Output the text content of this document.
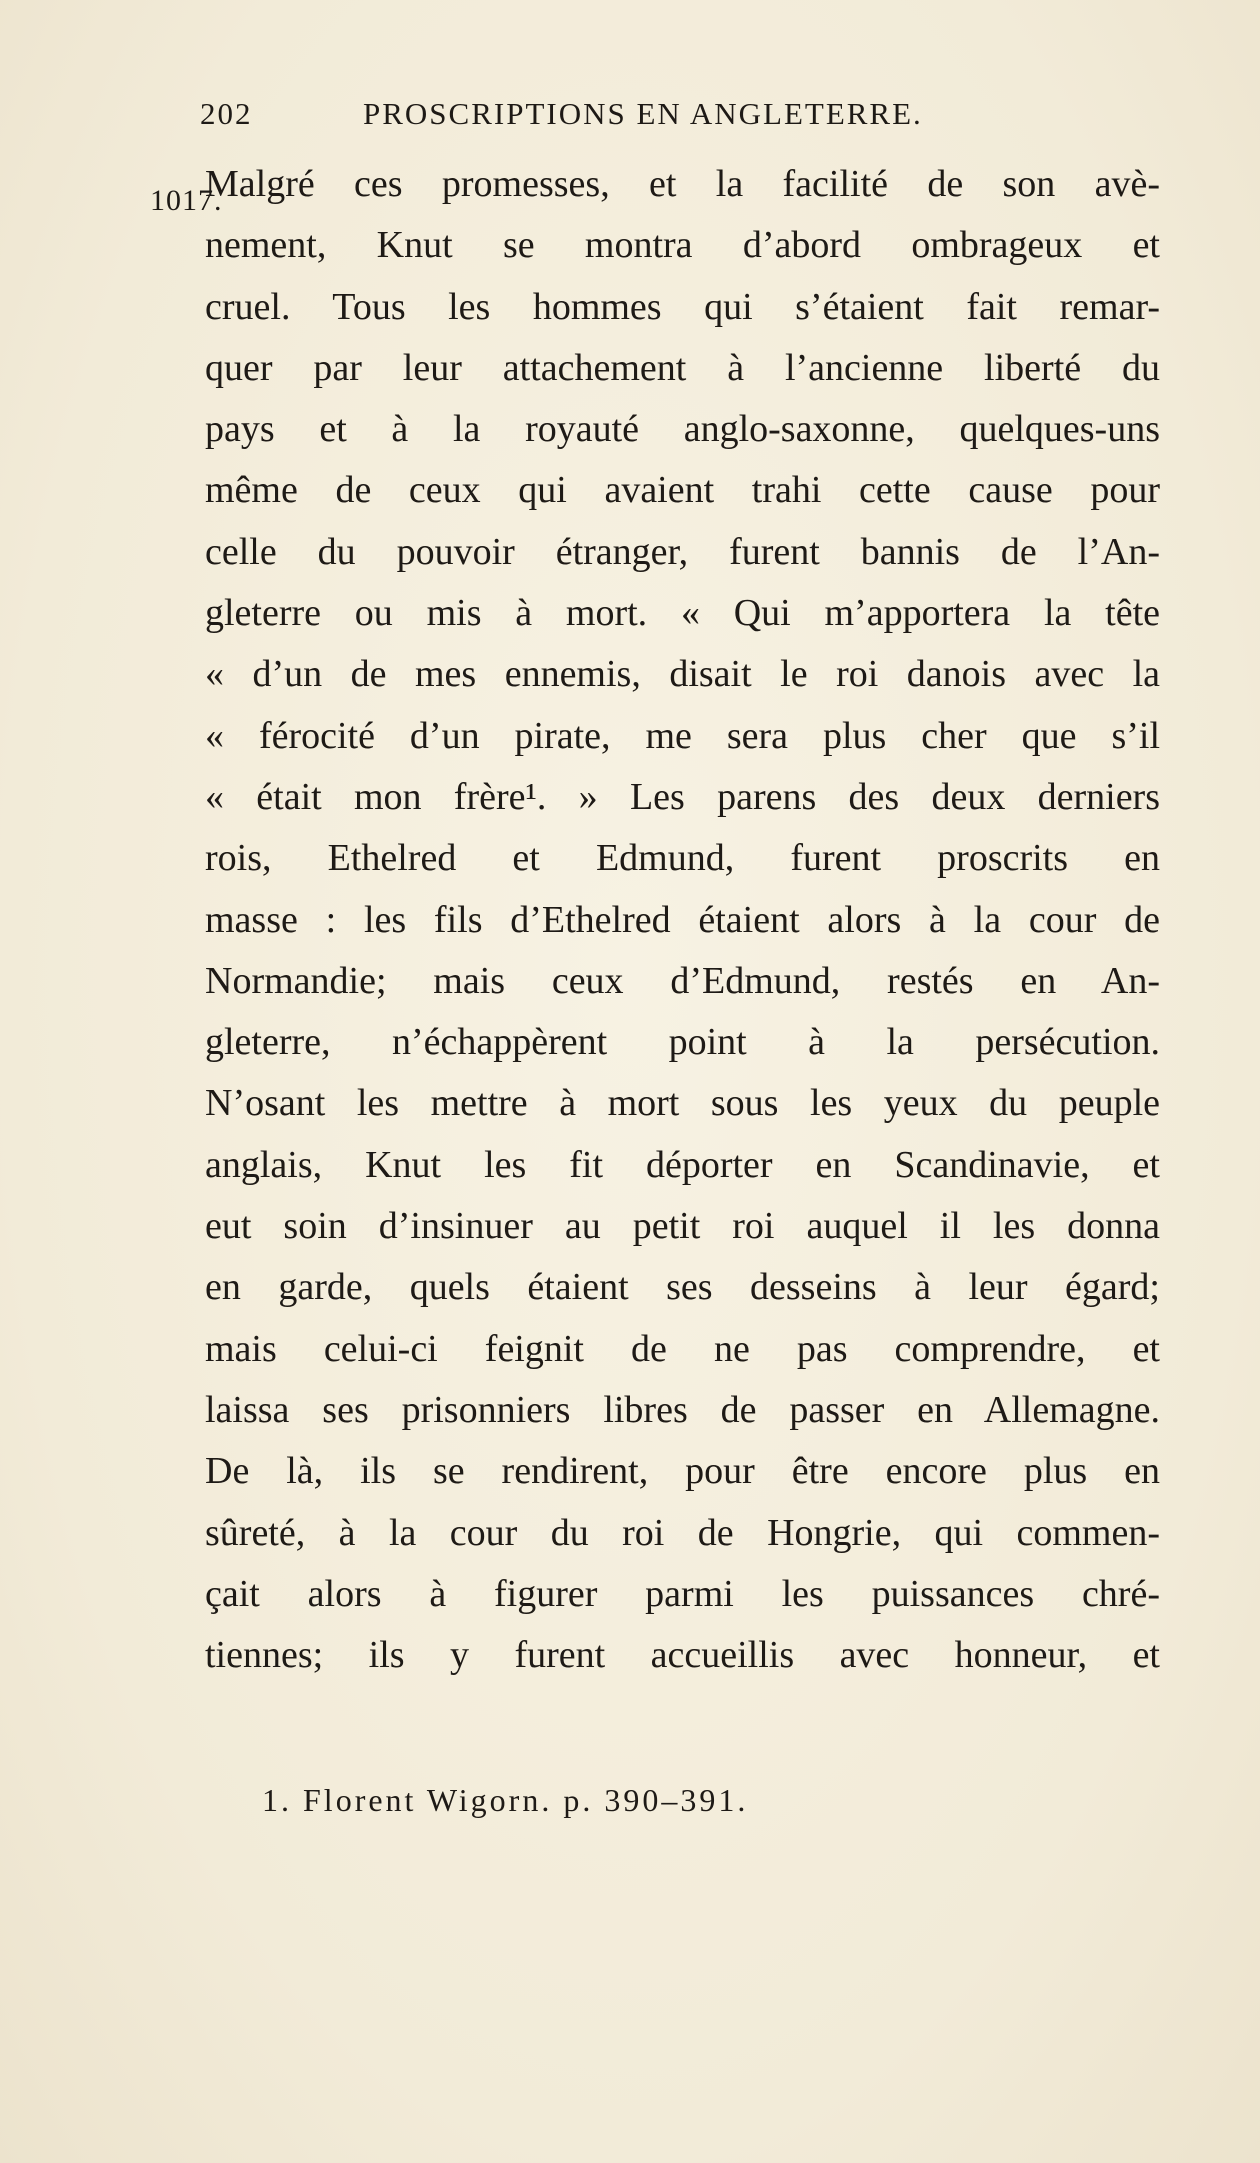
202	PROSCRIPTIONS EN ANGLETERRE.
1017.
Malgré ces promesses, et la facilité de son avè-
nement, Knut se montra d’abord ombrageux et
cruel. Tous les hommes qui s’étaient fait remar-
quer par leur attachement à l’ancienne liberté du
pays et à la royauté anglo-saxonne, quelques-uns
même de ceux qui avaient trahi cette cause pour
celle du pouvoir étranger, furent bannis de l’An-
gleterre ou mis à mort. « Qui m’apportera la tête
« d’un de mes ennemis, disait le roi danois avec la
« férocité d’un pirate, me sera plus cher que s’il
« était mon frère¹. » Les parens des deux derniers
rois, Ethelred et Edmund, furent proscrits en
masse : les fils d’Ethelred étaient alors à la cour de
Normandie; mais ceux d’Edmund, restés en An-
gleterre, n’échappèrent point à la persécution.
N’osant les mettre à mort sous les yeux du peuple
anglais, Knut les fit déporter en Scandinavie, et
eut soin d’insinuer au petit roi auquel il les donna
en garde, quels étaient ses desseins à leur égard;
mais celui-ci feignit de ne pas comprendre, et
laissa ses prisonniers libres de passer en Allemagne.
De là, ils se rendirent, pour être encore plus en
sûreté, à la cour du roi de Hongrie, qui commen-
çait alors à figurer parmi les puissances chré-
tiennes; ils y furent accueillis avec honneur, et
1. Florent Wigorn. p. 390–391.
